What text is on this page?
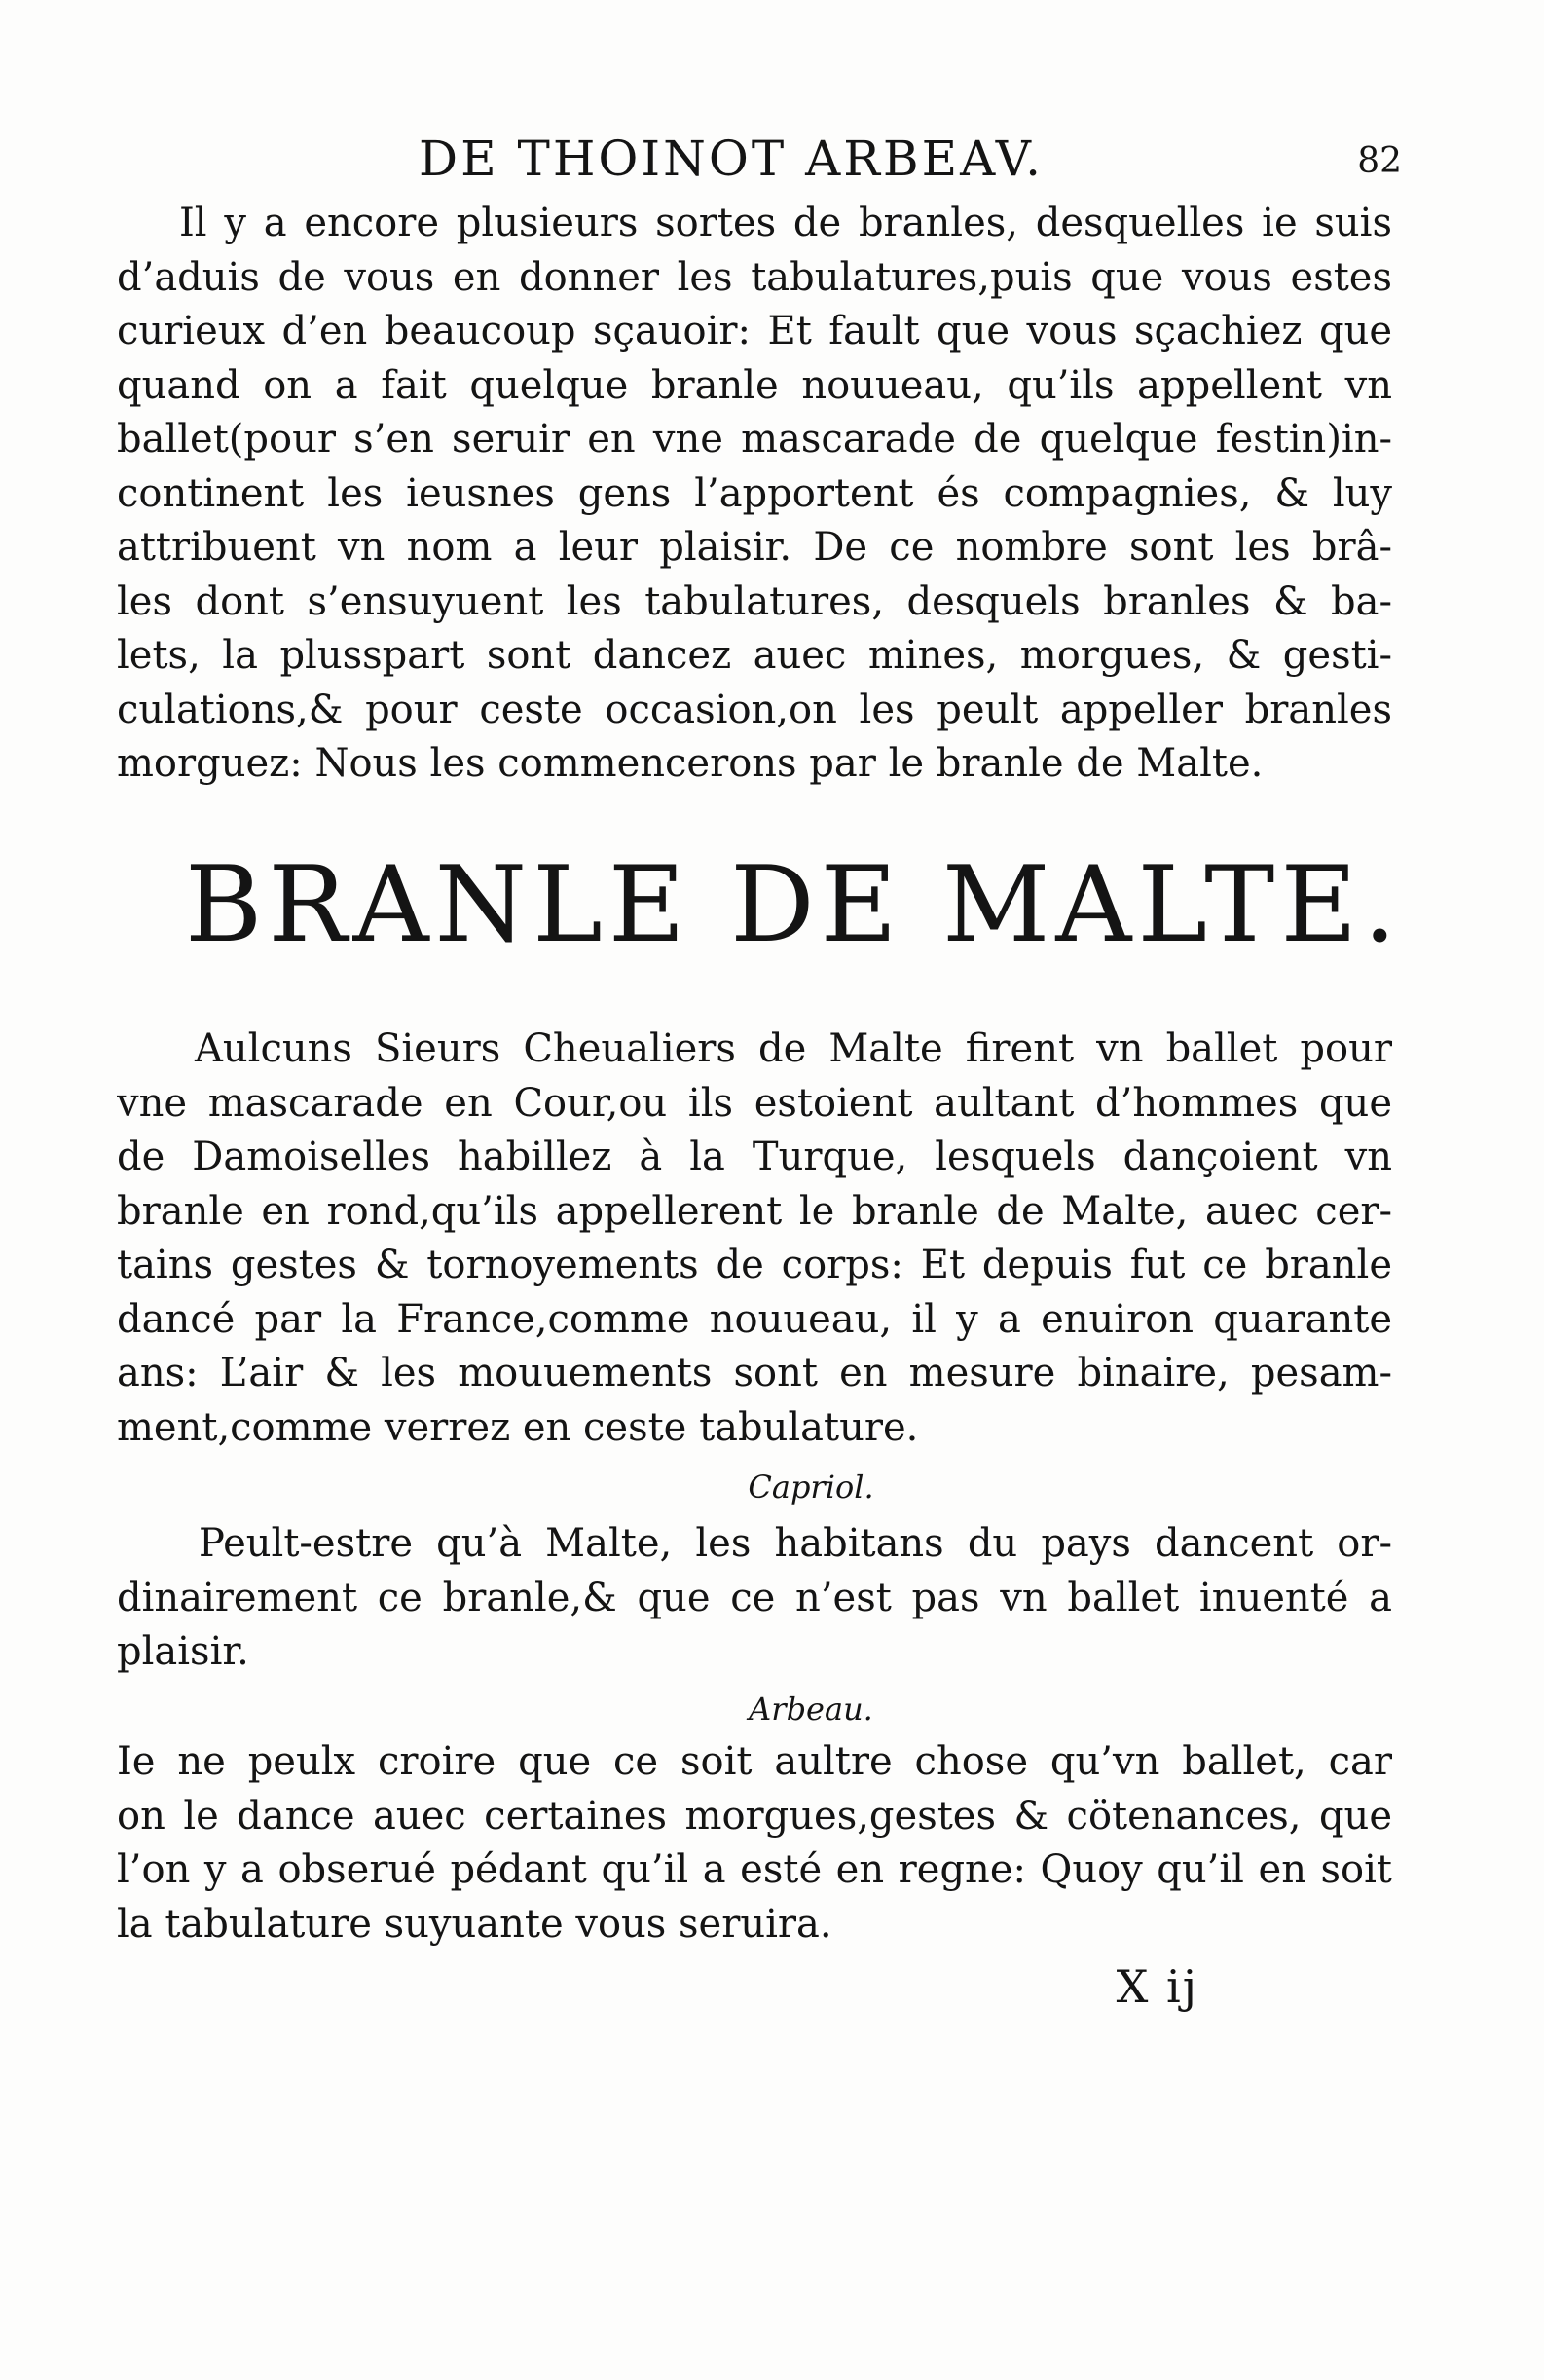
DE THOINOT ARBEAV.	82
Il y a encore plusieurs sortes de branles, desquelles ie suis
d’aduis de vous en donner les tabulatures,puis que vous estes
curieux d’en beaucoup sçauoir: Et fault que vous sçachiez que
quand on a fait quelque branle nouueau, qu’ils appellent vn
ballet(pour s’en seruir en vne mascarade de quelque festin)in-
continent les ieusnes gens l’apportent és compagnies, & luy
attribuent vn nom a leur plaisir. De ce nombre sont les brâ-
les dont s’ensuyuent les tabulatures, desquels branles & ba-
lets, la plusspart sont dancez auec mines, morgues, & gesti-
culations,& pour ceste occasion,on les peult appeller branles
morguez: Nous les commencerons par le branle de Malte.
BRANLE DE MALTE.
Aulcuns Sieurs Cheualiers de Malte firent vn ballet pour
vne mascarade en Cour,ou ils estoient aultant d’hommes que
de Damoiselles habillez à la Turque, lesquels dançoient vn
branle en rond,qu’ils appellerent le branle de Malte, auec cer-
tains gestes & tornoyements de corps: Et depuis fut ce branle
dancé par la France,comme nouueau, il y a enuiron quarante
ans: L’air & les mouuements sont en mesure binaire, pesam-
ment,comme verrez en ceste tabulature.
Capriol.
Peult-estre qu’à Malte, les habitans du pays dancent or-
dinairement ce branle,& que ce n’est pas vn ballet inuenté a
plaisir.
Arbeau.
Ie ne peulx croire que ce soit aultre chose qu’vn ballet, car
on le dance auec certaines morgues,gestes & cötenances, que
l’on y a obserué pédant qu’il a esté en regne: Quoy qu’il en soit
la tabulature suyuante vous seruira.
X ij
